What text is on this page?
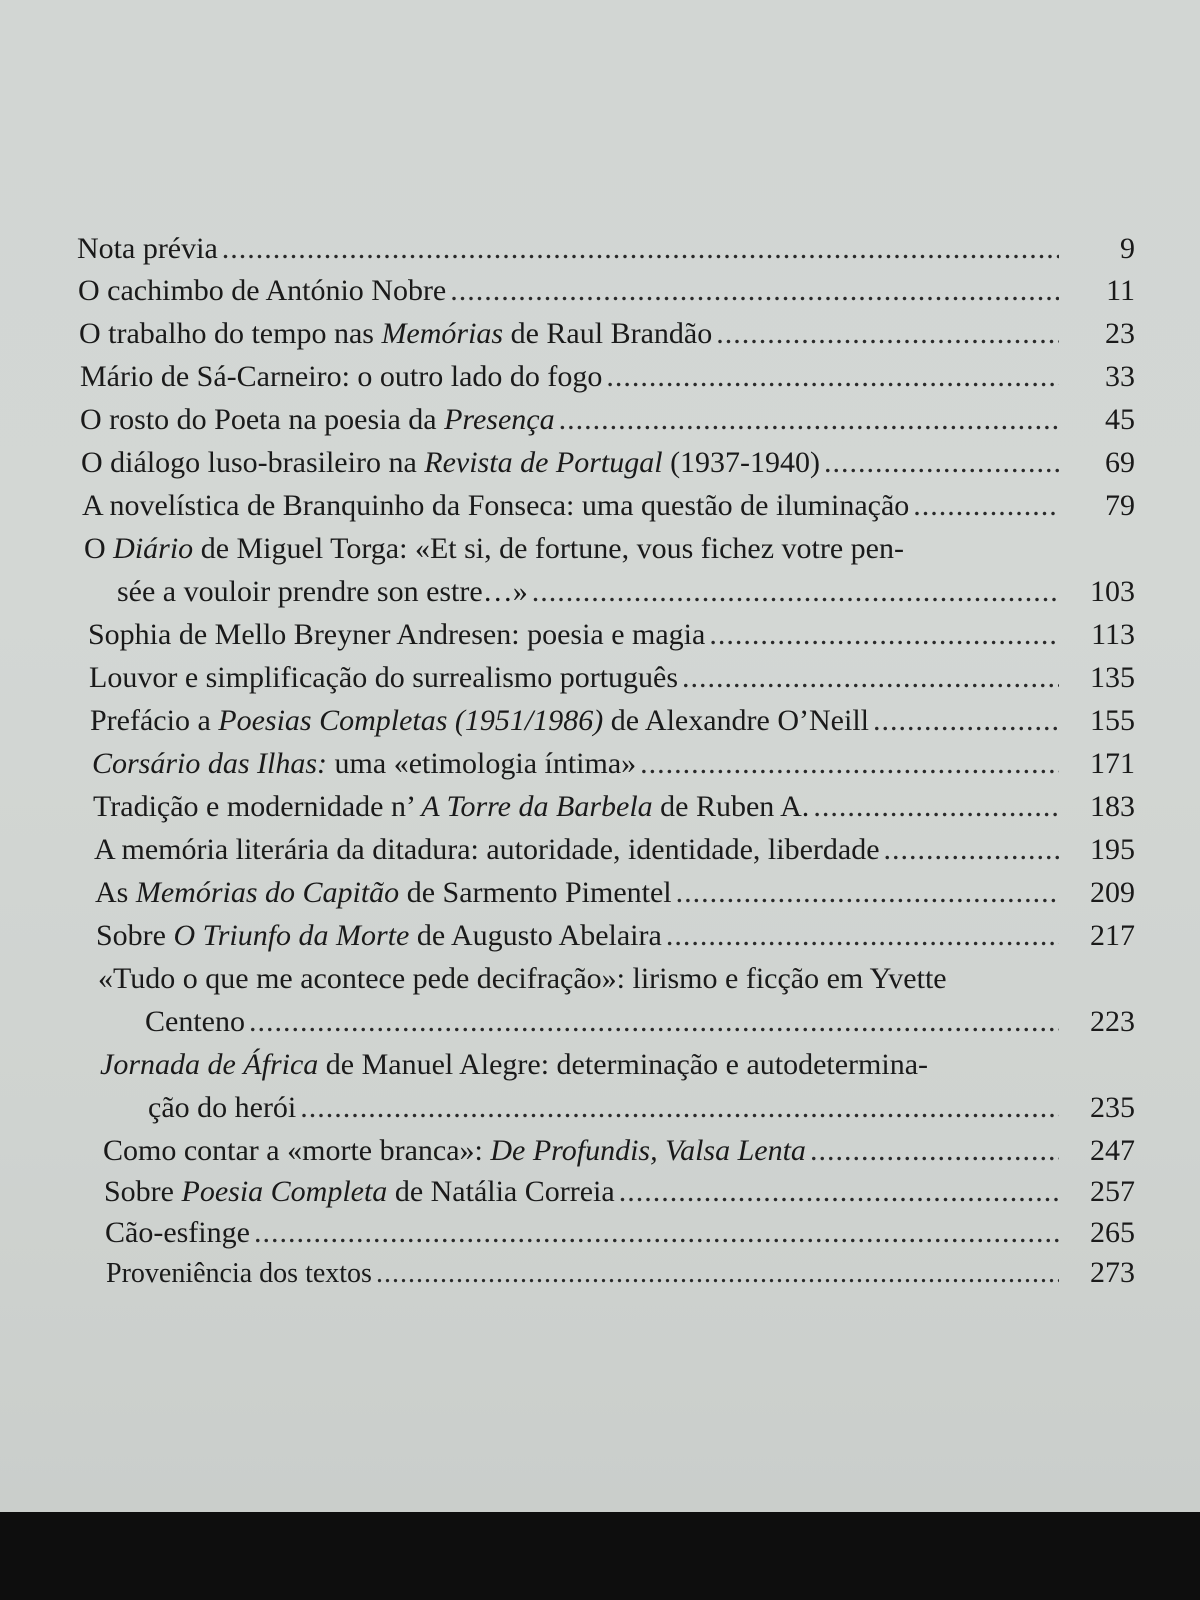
Nota prévia .....	9
O cachimbo de António Nobre .....	11
O trabalho do tempo nas Memórias de Raul Brandão .....	23
Mário de Sá-Carneiro: o outro lado do fogo .....	33
O rosto do Poeta na poesia da Presença .....	45
O diálogo luso-brasileiro na Revista de Portugal (1937-1940) .....	69
A novelística de Branquinho da Fonseca: uma questão de iluminação .....	79
O Diário de Miguel Torga: «Et si, de fortune, vous fichez votre pen-
sée a vouloir prendre son estre…» .....	103
Sophia de Mello Breyner Andresen: poesia e magia .....	113
Louvor e simplificação do surrealismo português .....	135
Prefácio a Poesias Completas (1951/1986) de Alexandre O’Neill .....	155
Corsário das Ilhas: uma «etimologia íntima» .....	171
Tradição e modernidade n’ A Torre da Barbela de Ruben A. .....	183
A memória literária da ditadura: autoridade, identidade, liberdade .....	195
As Memórias do Capitão de Sarmento Pimentel .....	209
Sobre O Triunfo da Morte de Augusto Abelaira .....	217
«Tudo o que me acontece pede decifração»: lirismo e ficção em Yvette
Centeno .....	223
Jornada de África de Manuel Alegre: determinação e autodetermina-
ção do herói .....	235
Como contar a «morte branca»: De Profundis, Valsa Lenta .....	247
Sobre Poesia Completa de Natália Correia .....	257
Cão-esfinge .....	265
Proveniência dos textos .....	273
